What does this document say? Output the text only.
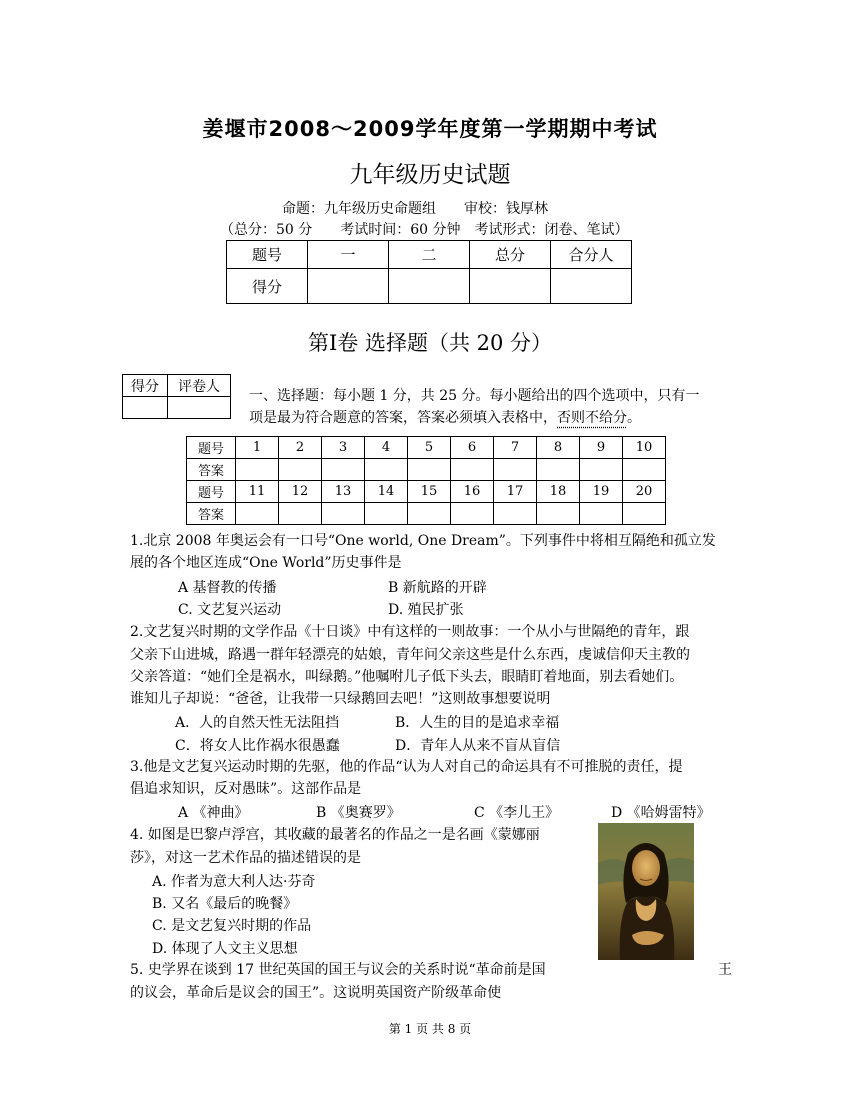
姜堰市2008～2009学年度第一学期期中考试
九年级历史试题
命题：九年级历史命题组　　审校：钱厚林
（总分：50 分　　考试时间：60 分钟　考试形式：闭卷、笔试）
题号	一	二	总分	合分人
得分				
第Ⅰ卷 选择题（共 20 分）
得分	评卷人

一、选择题：每小题 1 分，共 25 分。每小题给出的四个选项中，只有一
项是最为符合题意的答案，答案必须填入表格中，否则不给分。
题号	1	2	3	4	5	6	7	8	9	10
答案										
题号	11	12	13	14	15	16	17	18	19	20
答案										
1.北京 2008 年奥运会有一口号“One world, One Dream”。下列事件中将相互隔绝和孤立发
展的各个地区连成“One World”历史事件是
A 基督教的传播	B 新航路的开辟
C. 文艺复兴运动	D. 殖民扩张
2.文艺复兴时期的文学作品《十日谈》中有这样的一则故事：一个从小与世隔绝的青年，跟
父亲下山进城，路遇一群年轻漂亮的姑娘，青年问父亲这些是什么东西，虔诚信仰天主教的
父亲答道：“她们全是祸水，叫绿鹅。”他嘱咐儿子低下头去，眼睛盯着地面，别去看她们。
谁知儿子却说：“爸爸，让我带一只绿鹅回去吧！”这则故事想要说明
A．人的自然天性无法阻挡	B．人生的目的是追求幸福
C．将女人比作祸水很愚蠢	D．青年人从来不盲从盲信
3.他是文艺复兴运动时期的先驱，他的作品“认为人对自己的命运具有不可推脱的责任，提
倡追求知识，反对愚昧”。这部作品是
A 《神曲》	B 《奥赛罗》	C 《李儿王》	D 《哈姆雷特》
4. 如图是巴黎卢浮宫，其收藏的最著名的作品之一是名画《蒙娜丽
莎》，对这一艺术作品的描述错误的是
A. 作者为意大利人达·芬奇
B. 又名《最后的晚餐》
C. 是文艺复兴时期的作品
D. 体现了人文主义思想
5. 史学界在谈到 17 世纪英国的国王与议会的关系时说“革命前是国	王
的议会，革命后是议会的国王”。这说明英国资产阶级革命使
第 1 页 共 8 页
